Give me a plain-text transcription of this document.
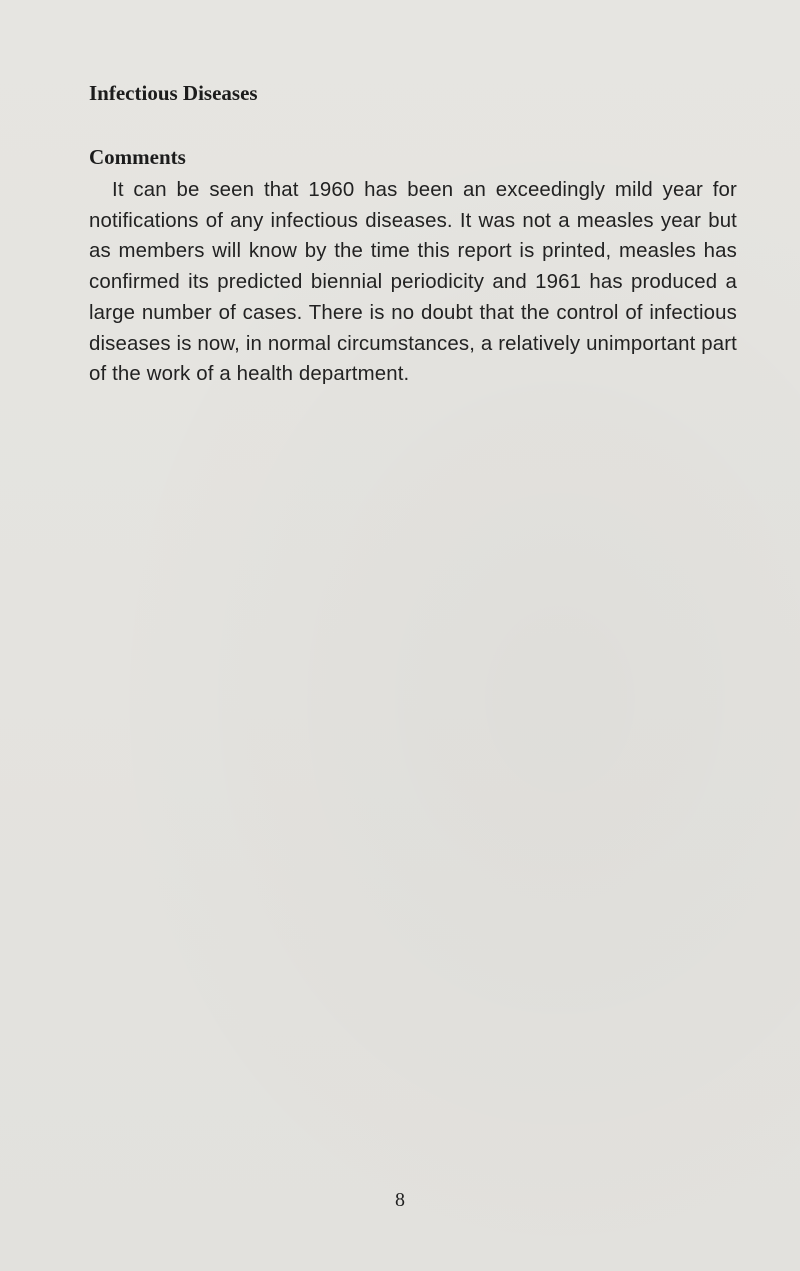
Infectious Diseases
Comments

It can be seen that 1960 has been an exceedingly mild year for notifications of any infectious diseases. It was not a measles year but as members will know by the time this report is printed, measles has confirmed its predicted biennial periodicity and 1961 has produced a large number of cases. There is no doubt that the control of infectious diseases is now, in normal circumstances, a relatively unimportant part of the work of a health department.

8
